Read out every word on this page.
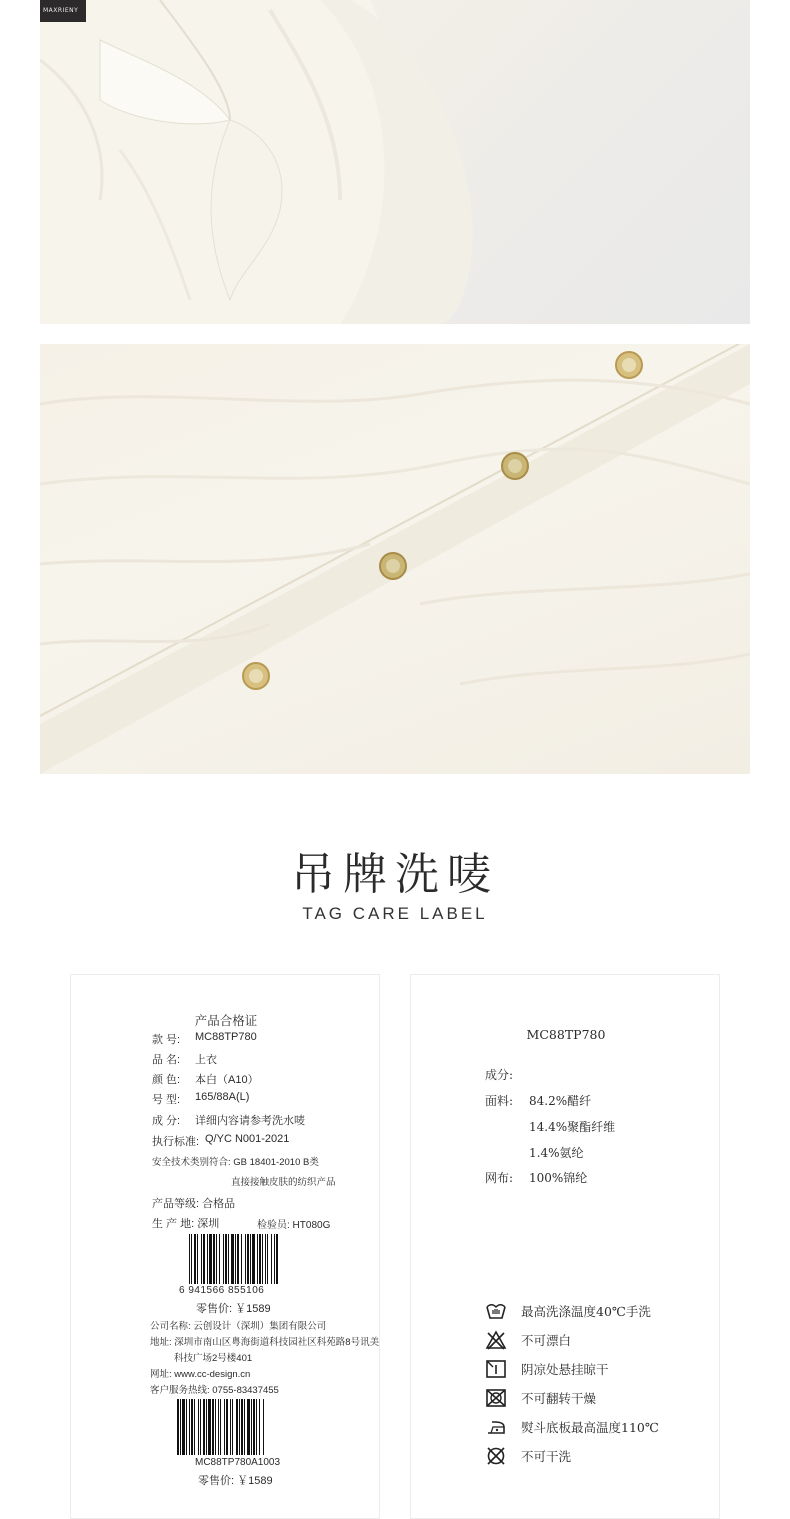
MAXRIENY
吊牌洗唛
TAG CARE LABEL
产品合格证
款 号: MC88TP780
品 名: 上衣
颜 色: 本白（A10）
号 型: 165/88A(L)
成 分: 详细内容请参考洗水唛
执行标准: Q/YC N001-2021
安全技术类别符合: GB 18401-2010 B类
直接接触皮肤的纺织产品
产品等级: 合格品
生 产 地: 深圳	检验员: HT080G
6 941566 855106
零售价: ￥1589
公司名称: 云创设计（深圳）集团有限公司
地址: 深圳市南山区粤海街道科技园社区科苑路8号讯美
科技广场2号楼401
网址: www.cc-design.cn
客户服务热线: 0755-83437455
MC88TP780A1003
零售价: ￥1589
MC88TP780
成分:
面料: 84.2%醋纤
14.4%聚酯纤维
1.4%氨纶
网布: 100%锦纶
最高洗涤温度40℃手洗
不可漂白
阴凉处悬挂晾干
不可翻转干燥
熨斗底板最高温度110℃
不可干洗
